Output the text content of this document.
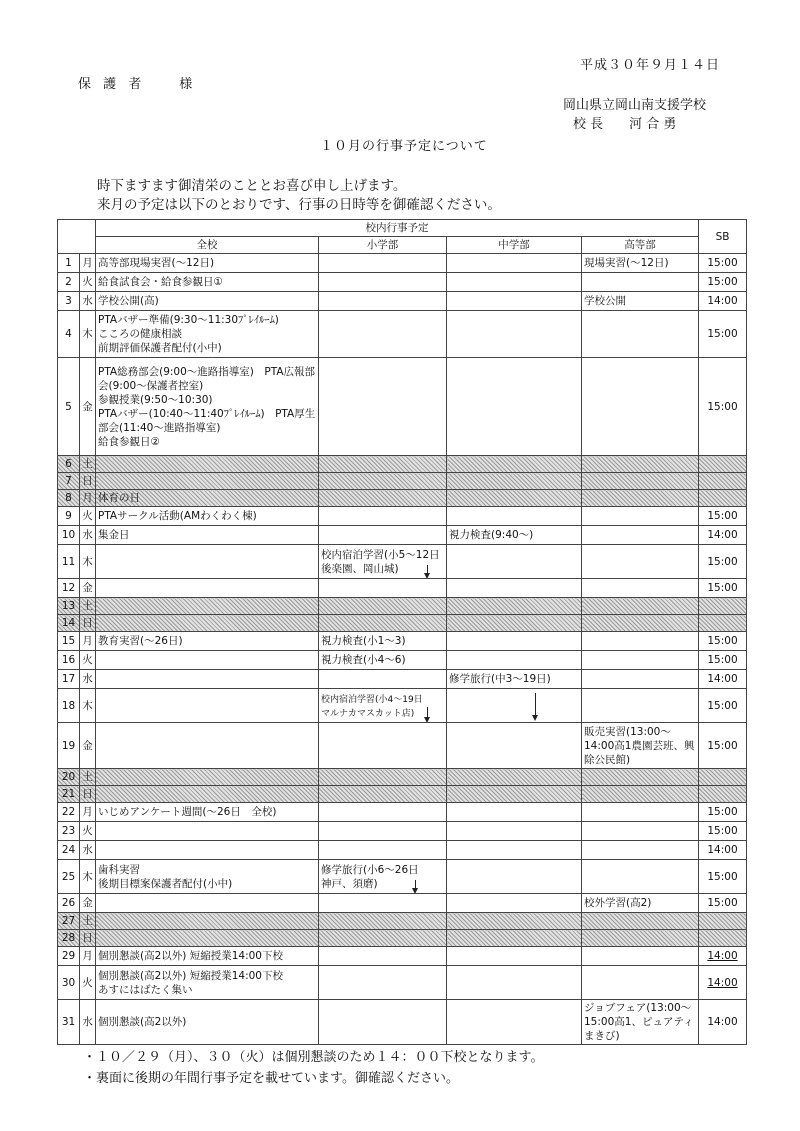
平成３０年９月１４日
保 護 者　　様
岡山県立岡山南支援学校
校 長　　河 合 勇
１０月の行事予定について
時下ますます御清栄のこととお喜び申し上げます。
来月の予定は以下のとおりです、行事の日時等を御確認ください。
		校内行事予定				SB
		全校	小学部	中学部	高等部	
1	月	高等部現場実習(～12日)			現場実習(～12日)	15:00
2	火	給食試食会・給食参観日①				15:00
3	水	学校公開(高)			学校公開	14:00
4	木	PTAバザー準備(9:30～11:30ﾌﾟﾚｲﾙｰﾑ)
こころの健康相談
前期評価保護者配付(小中)				15:00
5	金	PTA総務部会(9:00～進路指導室)　PTA広報部会(9:00～保護者控室)
参観授業(9:50～10:30)
PTAバザー(10:40～11:40ﾌﾟﾚｲﾙｰﾑ)　PTA厚生部会(11:40～進路指導室)
給食参観日②				15:00
6	土					
7	日					
8	月	体育の日				
9	火	PTAサークル活動(AMわくわく棟)				15:00
10	水	集金日		視力検査(9:40～)		14:00
11	木		校内宿泊学習(小5～12日　後楽園、岡山城)			15:00
12	金					15:00
13	土					
14	日					
15	月	教育実習(～26日)	視力検査(小1～3)			15:00
16	火		視力検査(小4～6)			15:00
17	水			修学旅行(中3～19日)		14:00
18	木		校内宿泊学習(小4～19日
マルナカマスカット店)			15:00
19	金				販売実習(13:00～14:00高1農園芸班、興除公民館)	15:00
20	土					
21	日					
22	月	いじめアンケート週間(～26日　全校)				15:00
23	火					15:00
24	水					14:00
25	木	歯科実習
後期目標案保護者配付(小中)	修学旅行(小6～26日
神戸、須磨)			15:00
26	金				校外学習(高2)	15:00
27	土					
28	日					
29	月	個別懇談(高2以外) 短縮授業14:00下校				14:00
30	火	個別懇談(高2以外) 短縮授業14:00下校
あすにはばたく集い				14:00
31	水	個別懇談(高2以外)			ジョブフェア(13:00～15:00高1、ピュアティまきび)	14:00
・１０／２９（月）、３０（火）は個別懇談のため１４：００下校となります。
・裏面に後期の年間行事予定を載せています。御確認ください。
